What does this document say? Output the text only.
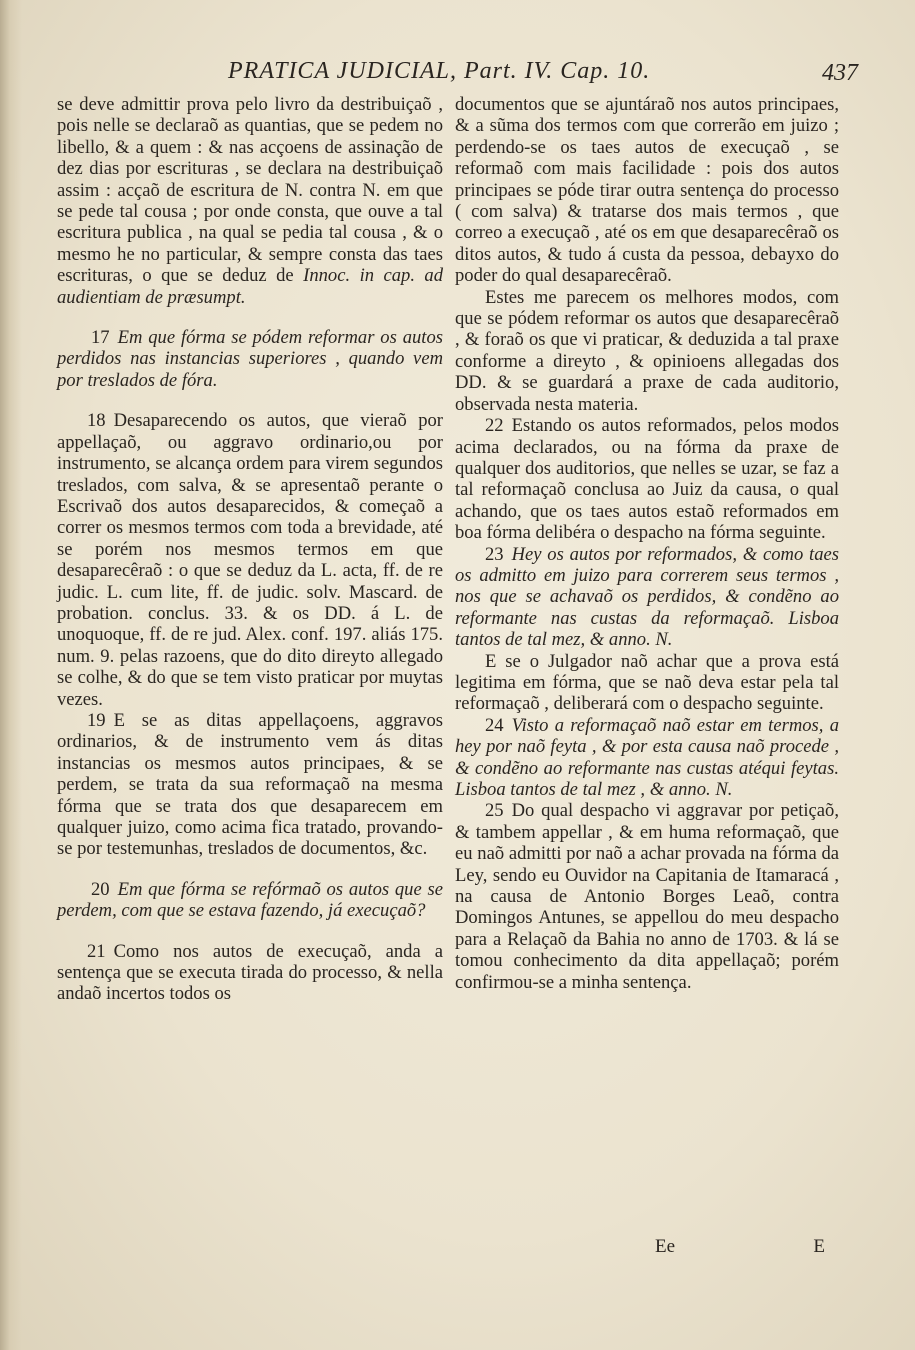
PRATICA JUDICIAL, Part. IV. Cap. 10.	437

se deve admittir prova pelo livro da destribuiçaõ , pois nelle se declaraõ as quantias, que se pedem no libello, & a quem : & nas acçoens de assinação de dez dias por escrituras , se declara na destribuiçaõ assim : acçaõ de escritura de N. contra N. em que se pede tal cousa ; por onde consta, que ouve a tal escritura publica , na qual se pedia tal cousa , & o mesmo he no particular, & sempre consta das taes escrituras, o que se deduz de Innoc. in cap. ad audientiam de præsumpt.

17 Em que fórma se pódem reformar os autos perdidos nas instancias superiores , quando vem por treslados de fóra.

18 Desaparecendo os autos, que vieraõ por appellaçaõ, ou aggravo ordinario,ou por instrumento, se alcança ordem para virem segundos treslados, com salva, & se apresentaõ perante o Escrivaõ dos autos desaparecidos, & começaõ a correr os mesmos termos com toda a brevidade, até se porém nos mesmos termos em que desaparecêraõ : o que se deduz da L. acta, ff. de re judic. L. cum lite, ff. de judic. solv. Mascard. de probation. conclus. 33. & os DD. á L. de unoquoque, ff. de re jud. Alex. conf. 197. aliás 175. num. 9. pelas razoens, que do dito direyto allegado se colhe, & do que se tem visto praticar por muytas vezes.

19 E se as ditas appellaçoens, aggravos ordinarios, & de instrumento vem ás ditas instancias os mesmos autos principaes, & se perdem, se trata da sua reformaçaõ na mesma fórma que se trata dos que desaparecem em qualquer juizo, como acima fica tratado, provando-se por testemunhas, treslados de documentos, &c.

20 Em que fórma se refórmaõ os autos que se perdem, com que se estava fazendo, já execuçaõ?

21 Como nos autos de execuçaõ, anda a sentença que se executa tirada do processo, & nella andaõ incertos todos os

documentos que se ajuntáraõ nos autos principaes, & a sũma dos termos com que correrão em juizo ; perdendo-se os taes autos de execuçaõ , se reformaõ com mais facilidade : pois dos autos principaes se póde tirar outra sentença do processo ( com salva) & tratarse dos mais termos , que correo a execuçaõ , até os em que desaparecêraõ os ditos autos, & tudo á custa da pessoa, debayxo do poder do qual desaparecêraõ.

Estes me parecem os melhores modos, com que se pódem reformar os autos que desaparecêraõ , & foraõ os que vi praticar, & deduzida a tal praxe conforme a direyto , & opinioens allegadas dos DD. & se guardará a praxe de cada auditorio, observada nesta materia.

22 Estando os autos reformados, pelos modos acima declarados, ou na fórma da praxe de qualquer dos auditorios, que nelles se uzar, se faz a tal reformaçaõ conclusa ao Juiz da causa, o qual achando, que os taes autos estaõ reformados em boa fórma delibéra o despacho na fórma seguinte.

23 Hey os autos por reformados, & como taes os admitto em juizo para correrem seus termos , nos que se achavaõ os perdidos, & condẽno ao reformante nas custas da reformaçaõ. Lisboa tantos de tal mez, & anno. N.

E se o Julgador naõ achar que a prova está legitima em fórma, que se naõ deva estar pela tal reformaçaõ , deliberará com o despacho seguinte.

24 Visto a reformaçaõ naõ estar em termos, a hey por naõ feyta , & por esta causa naõ procede , & condẽno ao reformante nas custas atéqui feytas. Lisboa tantos de tal mez , & anno. N.

25 Do qual despacho vi aggravar por petiçaõ, & tambem appellar , & em huma reformaçaõ, que eu naõ admitti por naõ a achar provada na fórma da Ley, sendo eu Ouvidor na Capitania de Itamaracá , na causa de Antonio Borges Leaõ, contra Domingos Antunes, se appellou do meu despacho para a Relaçaõ da Bahia no anno de 1703. & lá se tomou conhecimento da dita appellaçaõ; porém confirmou-se a minha sentença.

Ee	E
